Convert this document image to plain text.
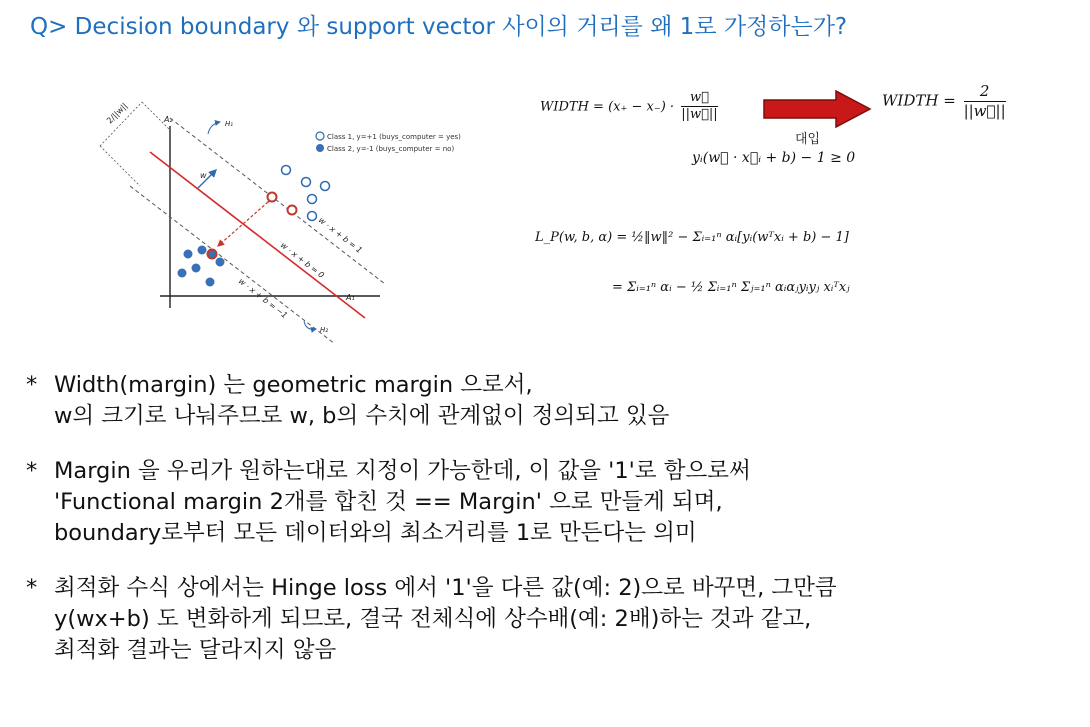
Q> Decision boundary 와 support vector 사이의 거리를 왜 1로 가정하는가?
A₂
A₁
2/||w||	H₁
H₂
w
w · x + b = 1
w · x + b = 0
w · x + b = −1
Class 1, y=+1 (buys_computer = yes)
Class 2, y=-1 (buys_computer = no)
WIDTH = $(x_+ - x_-) \cdot \frac{w⃗}{||w⃗||}$
대입
WIDTH = $\frac{2}{||w⃗||}$
yᵢ(w⃗ · x⃗ᵢ + b) − 1 ≥ 0
L_P(w, b, α) = ½‖w‖² − Σᵢ₌₁ⁿ αᵢ[yᵢ(wᵀxᵢ + b) − 1]
= Σᵢ₌₁ⁿ αᵢ − ½ Σᵢ₌₁ⁿ Σⱼ₌₁ⁿ αᵢαⱼyᵢyⱼ xᵢᵀxⱼ
* Width(margin) 는 geometric margin 으로서,
w의 크기로 나눠주므로 w, b의 수치에 관계없이 정의되고 있음
* Margin 을 우리가 원하는대로 지정이 가능한데, 이 값을 '1'로 함으로써
'Functional margin 2개를 합친 것 == Margin' 으로 만들게 되며,
boundary로부터 모든 데이터와의 최소거리를 1로 만든다는 의미
* 최적화 수식 상에서는 Hinge loss 에서 '1'을 다른 값(예: 2)으로 바꾸면, 그만큼
y(wx+b) 도 변화하게 되므로, 결국 전체식에 상수배(예: 2배)하는 것과 같고,
최적화 결과는 달라지지 않음
